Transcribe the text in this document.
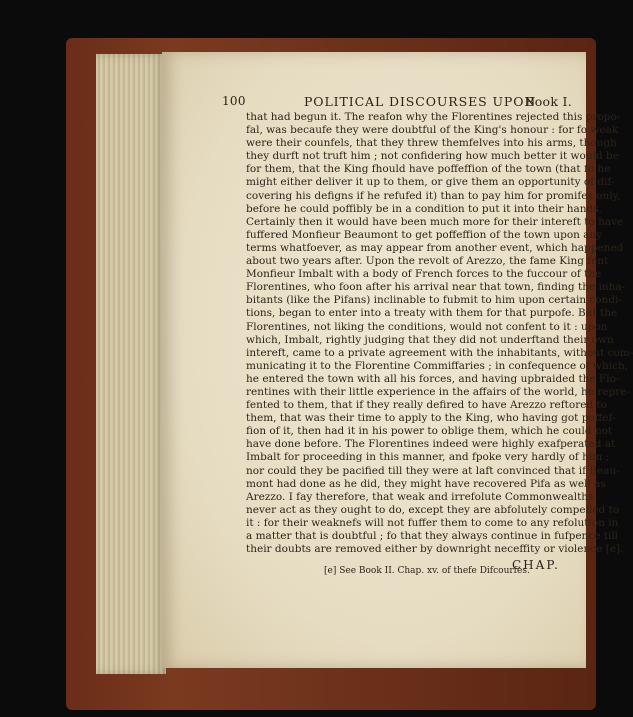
100	POLITICAL DISCOURSES UPON
Book I.
that had begun it. The reafon why the Florentines rejected this propo-
fal, was becaufe they were doubtful of the King's honour : for fo weak
were their counfels, that they threw themfelves into his arms, though
they durft not truft him ; not confidering how much better it would be
for them, that the King fhould have poffeffion of the town (that fo he
might either deliver it up to them, or give them an opportunity of dif-
covering his defigns if he refufed it) than to pay him for promifes only,
before he could poffibly be in a condition to put it into their hands.
Certainly then it would have been much more for their intereft to have
fuffered Monfieur Beaumont to get poffeffion of the town upon any
terms whatfoever, as may appear from another event, which happened
about two years after. Upon the revolt of Arezzo, the fame King fent
Monfieur Imbalt with a body of French forces to the fuccour of the
Florentines, who foon after his arrival near that town, finding the inha-
bitants (like the Pifans) inclinable to fubmit to him upon certain condi-
tions, began to enter into a treaty with them for that purpofe. But the
Florentines, not liking the conditions, would not confent to it : upon
which, Imbalt, rightly judging that they did not underftand their own
intereft, came to a private agreement with the inhabitants, without com-
municating it to the Florentine Commiffaries ; in confequence of which,
he entered the town with all his forces, and having upbraided the Flo-
rentines with their little experience in the affairs of the world, he repre-
fented to them, that if they really defired to have Arezzo reftored to
them, that was their time to apply to the King, who having got poffef-
fion of it, then had it in his power to oblige them, which he could not
have done before. The Florentines indeed were highly exafperated at
Imbalt for proceeding in this manner, and fpoke very hardly of him ;
nor could they be pacified till they were at laft convinced that if Beau-
mont had done as he did, they might have recovered Pifa as well as
Arezzo. I fay therefore, that weak and irrefolute Commonwealths
never act as they ought to do, except they are abfolutely compelled to
it : for their weaknefs will not fuffer them to come to any refolution in
a matter that is doubtful ; fo that they always continue in fufpence till
their doubts are removed either by downright neceffity or violence [e].
[e] See Book II. Chap. xv. of thefe Difcourfes.
CHAP.
